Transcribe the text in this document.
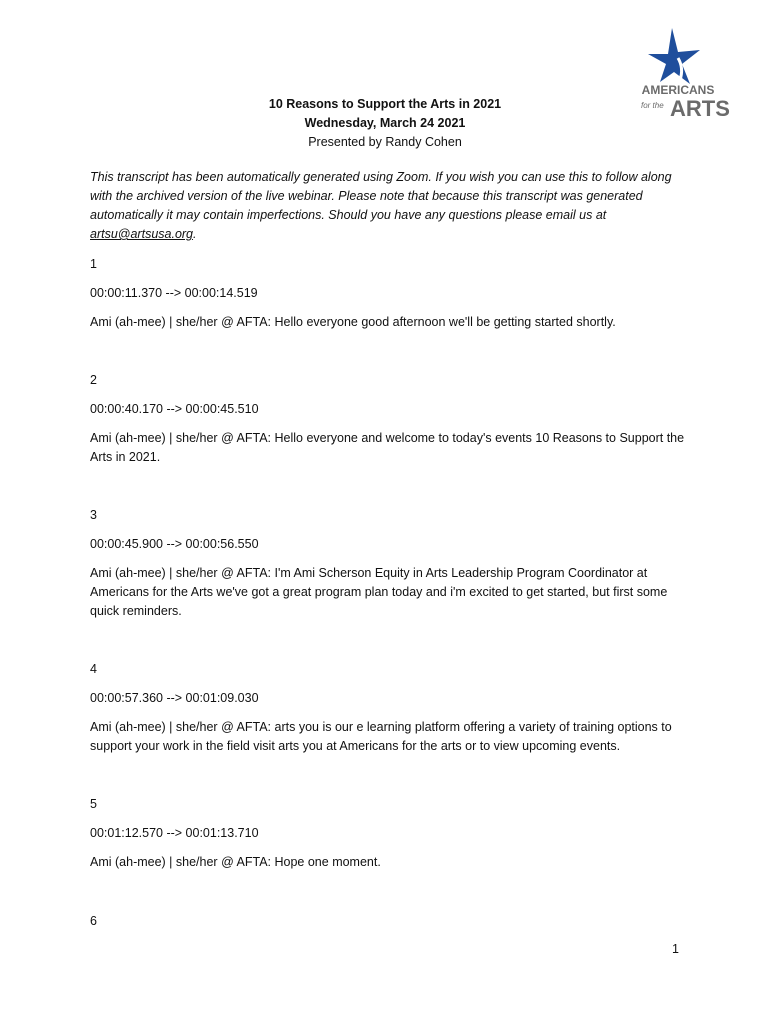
AMERICANS
for the ARTS
10 Reasons to Support the Arts in 2021
Wednesday, March 24 2021
Presented by Randy Cohen
This transcript has been automatically generated using Zoom. If you wish you can use this to follow along with the archived version of the live webinar. Please note that because this transcript was generated automatically it may contain imperfections. Should you have any questions please email us at artsu@artsusa.org.

1

00:00:11.370 --> 00:00:14.519

Ami (ah-mee) | she/her @ AFTA: Hello everyone good afternoon we'll be getting started shortly.

2

00:00:40.170 --> 00:00:45.510

Ami (ah-mee) | she/her @ AFTA: Hello everyone and welcome to today's events 10 Reasons to Support the Arts in 2021.

3

00:00:45.900 --> 00:00:56.550

Ami (ah-mee) | she/her @ AFTA: I'm Ami Scherson Equity in Arts Leadership Program Coordinator at Americans for the Arts we've got a great program plan today and i'm excited to get started, but first some quick reminders.

4

00:00:57.360 --> 00:01:09.030

Ami (ah-mee) | she/her @ AFTA: arts you is our e learning platform offering a variety of training options to support your work in the field visit arts you at Americans for the arts or to view upcoming events.

5

00:01:12.570 --> 00:01:13.710

Ami (ah-mee) | she/her @ AFTA: Hope one moment.

6

1
